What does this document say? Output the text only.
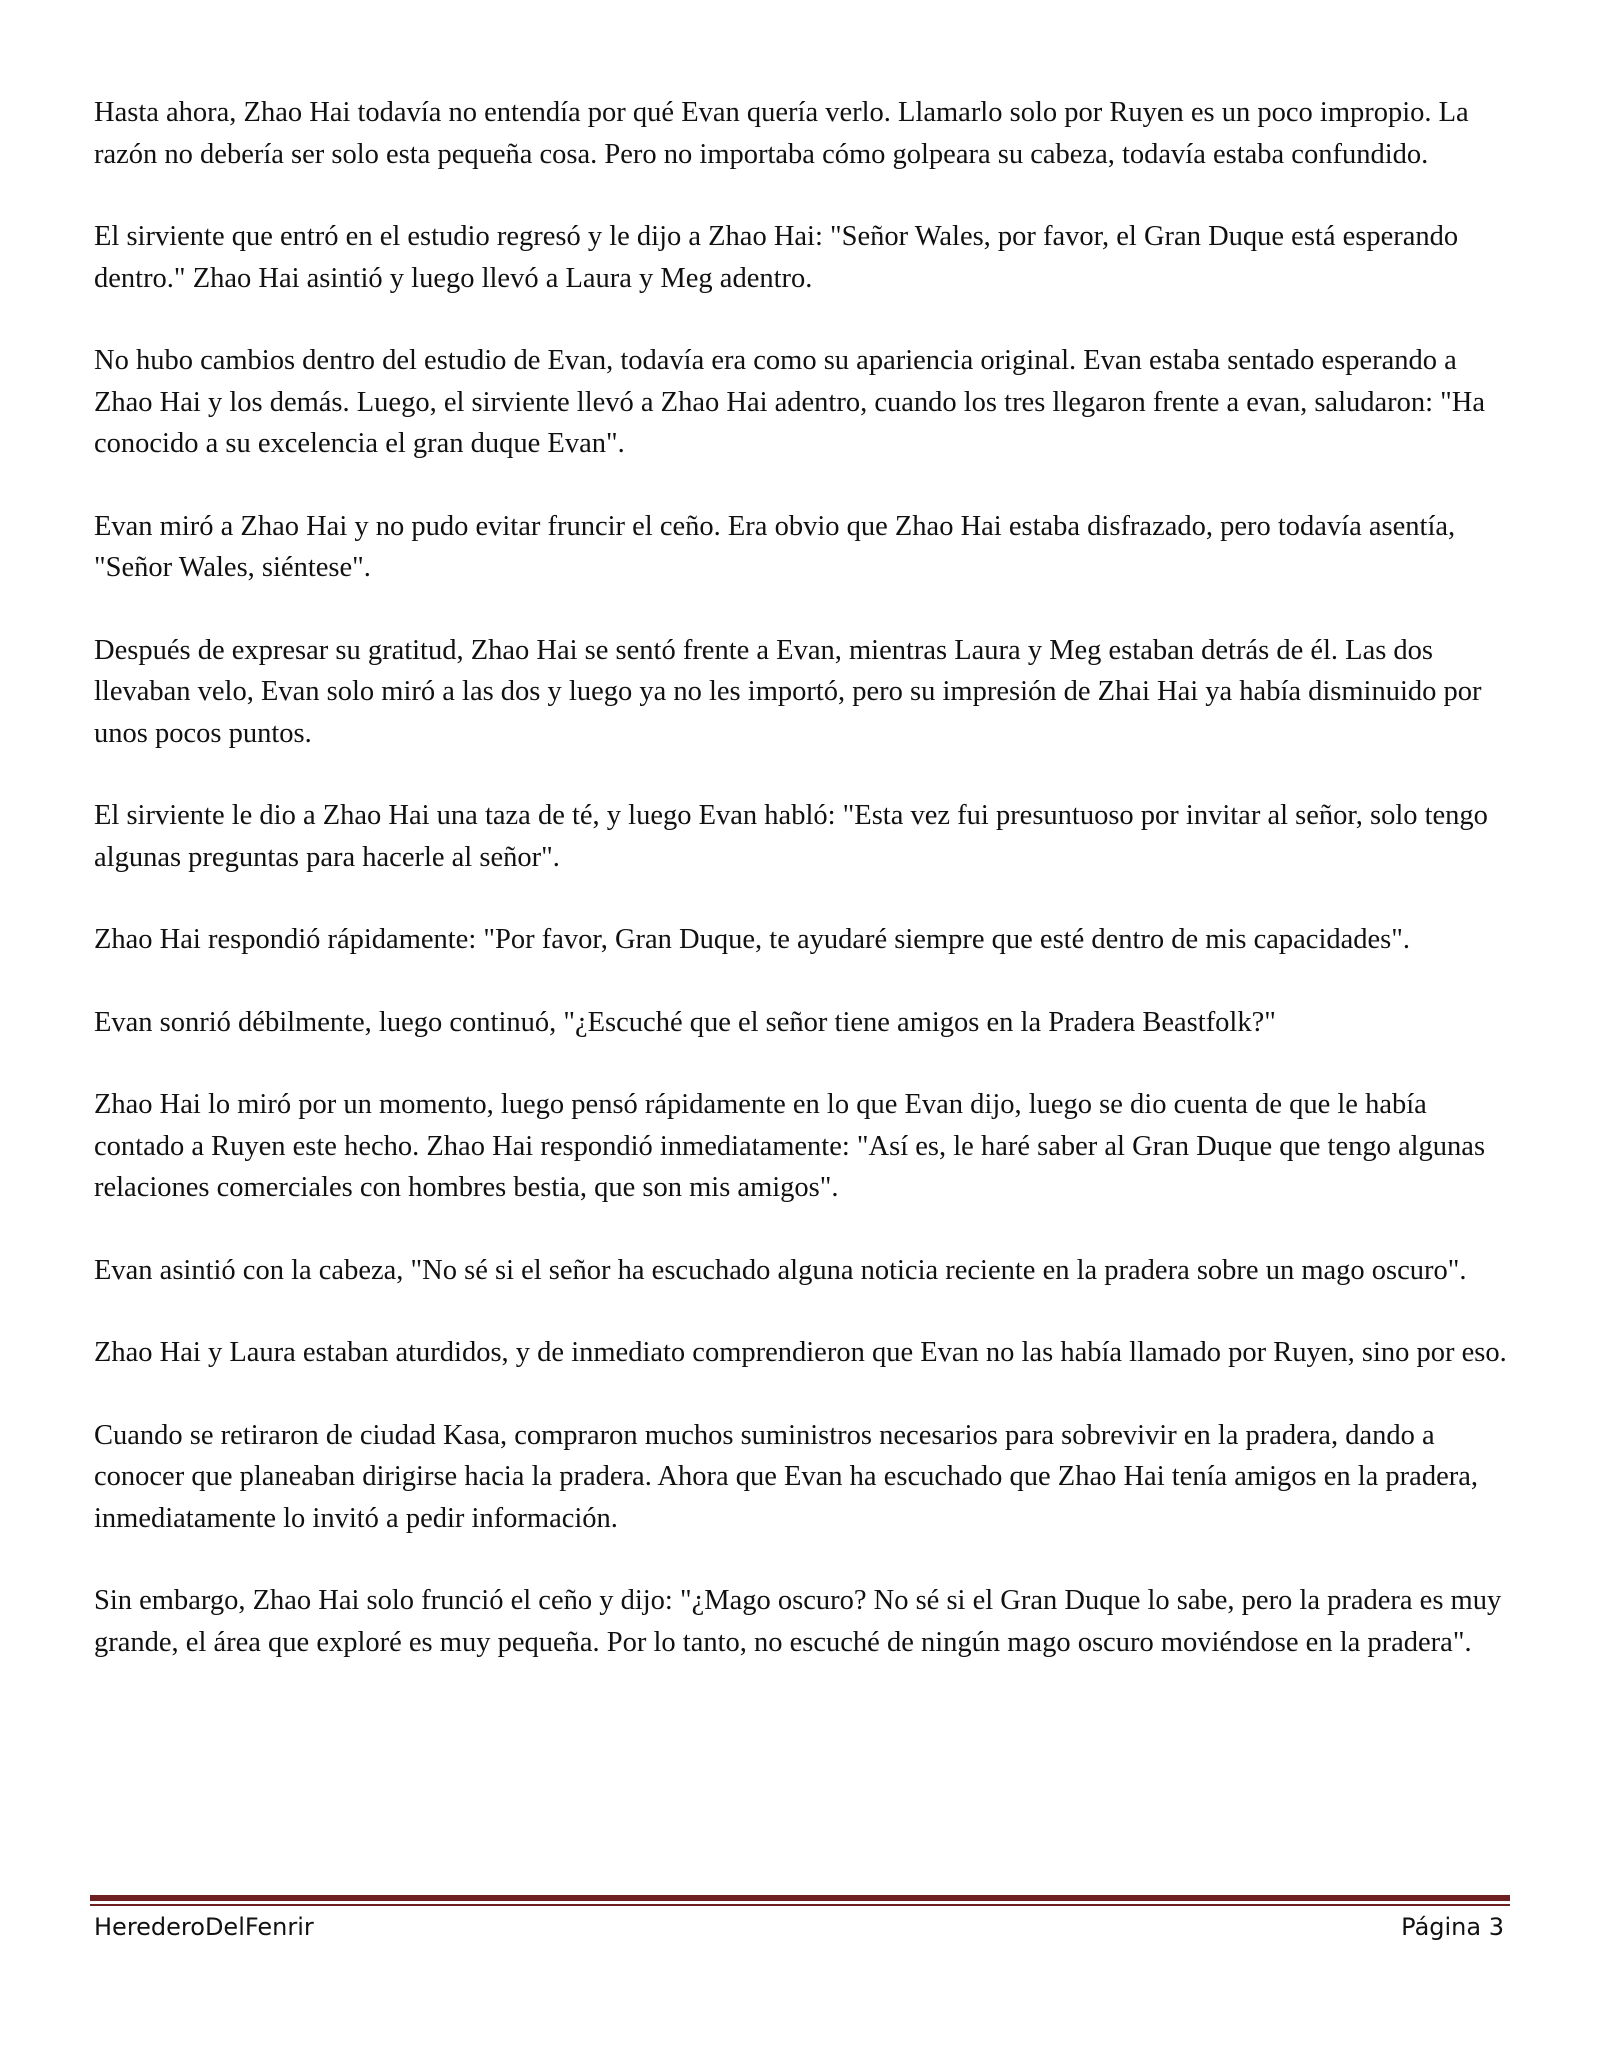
Hasta ahora, Zhao Hai todavía no entendía por qué Evan quería verlo. Llamarlo solo por Ruyen es un poco impropio. La razón no debería ser solo esta pequeña cosa. Pero no importaba cómo golpeara su cabeza, todavía estaba confundido.

El sirviente que entró en el estudio regresó y le dijo a Zhao Hai: "Señor Wales, por favor, el Gran Duque está esperando dentro." Zhao Hai asintió y luego llevó a Laura y Meg adentro.

No hubo cambios dentro del estudio de Evan, todavía era como su apariencia original. Evan estaba sentado esperando a Zhao Hai y los demás. Luego, el sirviente llevó a Zhao Hai adentro, cuando los tres llegaron frente a evan, saludaron: "Ha conocido a su excelencia el gran duque Evan".

Evan miró a Zhao Hai y no pudo evitar fruncir el ceño. Era obvio que Zhao Hai estaba disfrazado, pero todavía asentía, "Señor Wales, siéntese".

Después de expresar su gratitud, Zhao Hai se sentó frente a Evan, mientras Laura y Meg estaban detrás de él. Las dos llevaban velo, Evan solo miró a las dos y luego ya no les importó, pero su impresión de Zhai Hai ya había disminuido por unos pocos puntos.

El sirviente le dio a Zhao Hai una taza de té, y luego Evan habló: "Esta vez fui presuntuoso por invitar al señor, solo tengo algunas preguntas para hacerle al señor".

Zhao Hai respondió rápidamente: "Por favor, Gran Duque, te ayudaré siempre que esté dentro de mis capacidades".

Evan sonrió débilmente, luego continuó, "¿Escuché que el señor tiene amigos en la Pradera Beastfolk?"

Zhao Hai lo miró por un momento, luego pensó rápidamente en lo que Evan dijo, luego se dio cuenta de que le había contado a Ruyen este hecho. Zhao Hai respondió inmediatamente: "Así es, le haré saber al Gran Duque que tengo algunas relaciones comerciales con hombres bestia, que son mis amigos".

Evan asintió con la cabeza, "No sé si el señor ha escuchado alguna noticia reciente en la pradera sobre un mago oscuro".

Zhao Hai y Laura estaban aturdidos, y de inmediato comprendieron que Evan no las había llamado por Ruyen, sino por eso.

Cuando se retiraron de ciudad Kasa, compraron muchos suministros necesarios para sobrevivir en la pradera, dando a conocer que planeaban dirigirse hacia la pradera. Ahora que Evan ha escuchado que Zhao Hai tenía amigos en la pradera, inmediatamente lo invitó a pedir información.

Sin embargo, Zhao Hai solo frunció el ceño y dijo: "¿Mago oscuro? No sé si el Gran Duque lo sabe, pero la pradera es muy grande, el área que exploré es muy pequeña. Por lo tanto, no escuché de ningún mago oscuro moviéndose en la pradera".

HerederoDelFenrir	Página 3
